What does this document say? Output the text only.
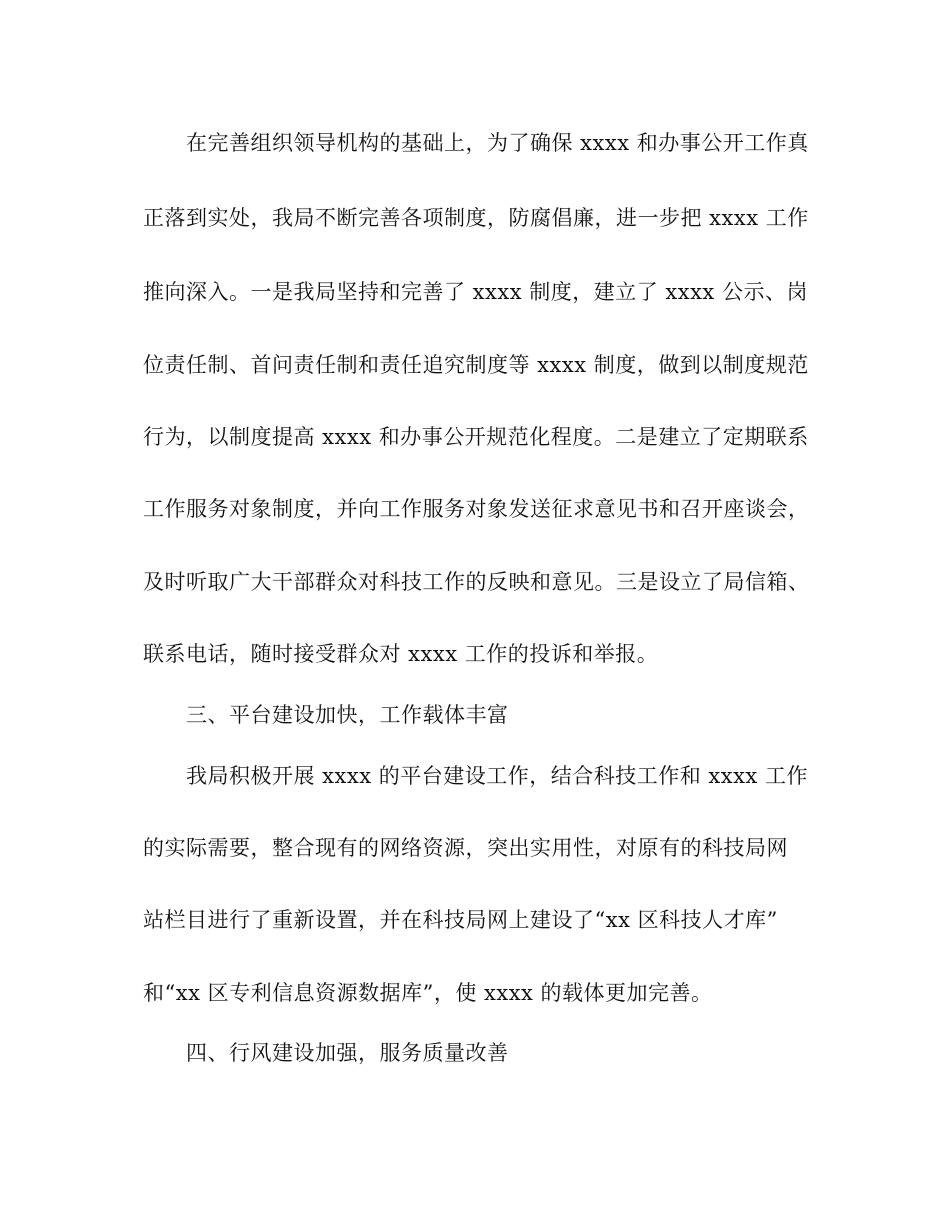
在完善组织领导机构的基础上，为了确保 xxxx 和办事公开工作真
正落到实处，我局不断完善各项制度，防腐倡廉，进一步把 xxxx 工作
推向深入。一是我局坚持和完善了 xxxx 制度，建立了 xxxx 公示、岗
位责任制、首问责任制和责任追究制度等 xxxx 制度，做到以制度规范
行为，以制度提高 xxxx 和办事公开规范化程度。二是建立了定期联系
工作服务对象制度，并向工作服务对象发送征求意见书和召开座谈会，
及时听取广大干部群众对科技工作的反映和意见。三是设立了局信箱、
联系电话，随时接受群众对 xxxx 工作的投诉和举报。
三、平台建设加快，工作载体丰富
我局积极开展 xxxx 的平台建设工作，结合科技工作和 xxxx 工作
的实际需要，整合现有的网络资源，突出实用性，对原有的科技局网
站栏目进行了重新设置，并在科技局网上建设了“xx 区科技人才库”
和“xx 区专利信息资源数据库”，使 xxxx 的载体更加完善。
四、行风建设加强，服务质量改善
